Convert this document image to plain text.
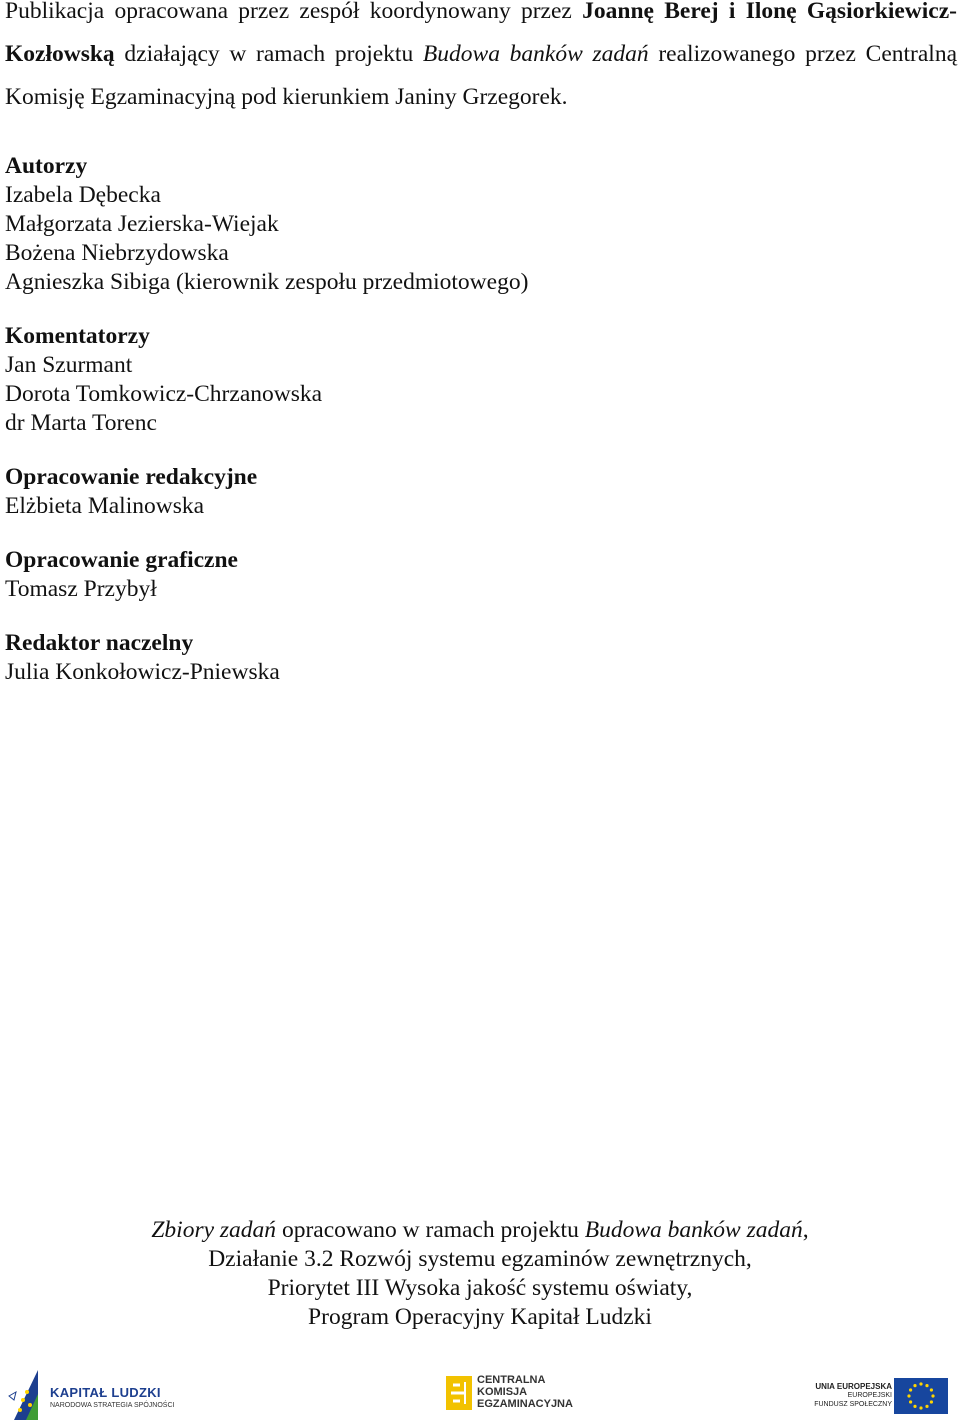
Publikacja opracowana przez zespół koordynowany przez Joannę Berej i Ilonę Gąsiorkiewicz-Kozłowską działający w ramach projektu Budowa banków zadań realizowanego przez Centralną Komisję Egzaminacyjną pod kierunkiem Janiny Grzegorek.
Autorzy
Izabela Dębecka
Małgorzata Jezierska-Wiejak
Bożena Niebrzydowska
Agnieszka Sibiga (kierownik zespołu przedmiotowego)
Komentatorzy
Jan Szurmant
Dorota Tomkowicz-Chrzanowska
dr Marta Torenc
Opracowanie redakcyjne
Elżbieta Malinowska
Opracowanie graficzne
Tomasz Przybył
Redaktor naczelny
Julia Konkołowicz-Pniewska
Zbiory zadań opracowano w ramach projektu Budowa banków zadań,
Działanie 3.2 Rozwój systemu egzaminów zewnętrznych,
Priorytet III Wysoka jakość systemu oświaty,
Program Operacyjny Kapitał Ludzki
KAPITAŁ LUDZKI
NARODOWA STRATEGIA SPÓJNOŚCI
CENTRALNA
KOMISJA
EGZAMINACYJNA
UNIA EUROPEJSKA
EUROPEJSKI
FUNDUSZ SPOŁECZNY
